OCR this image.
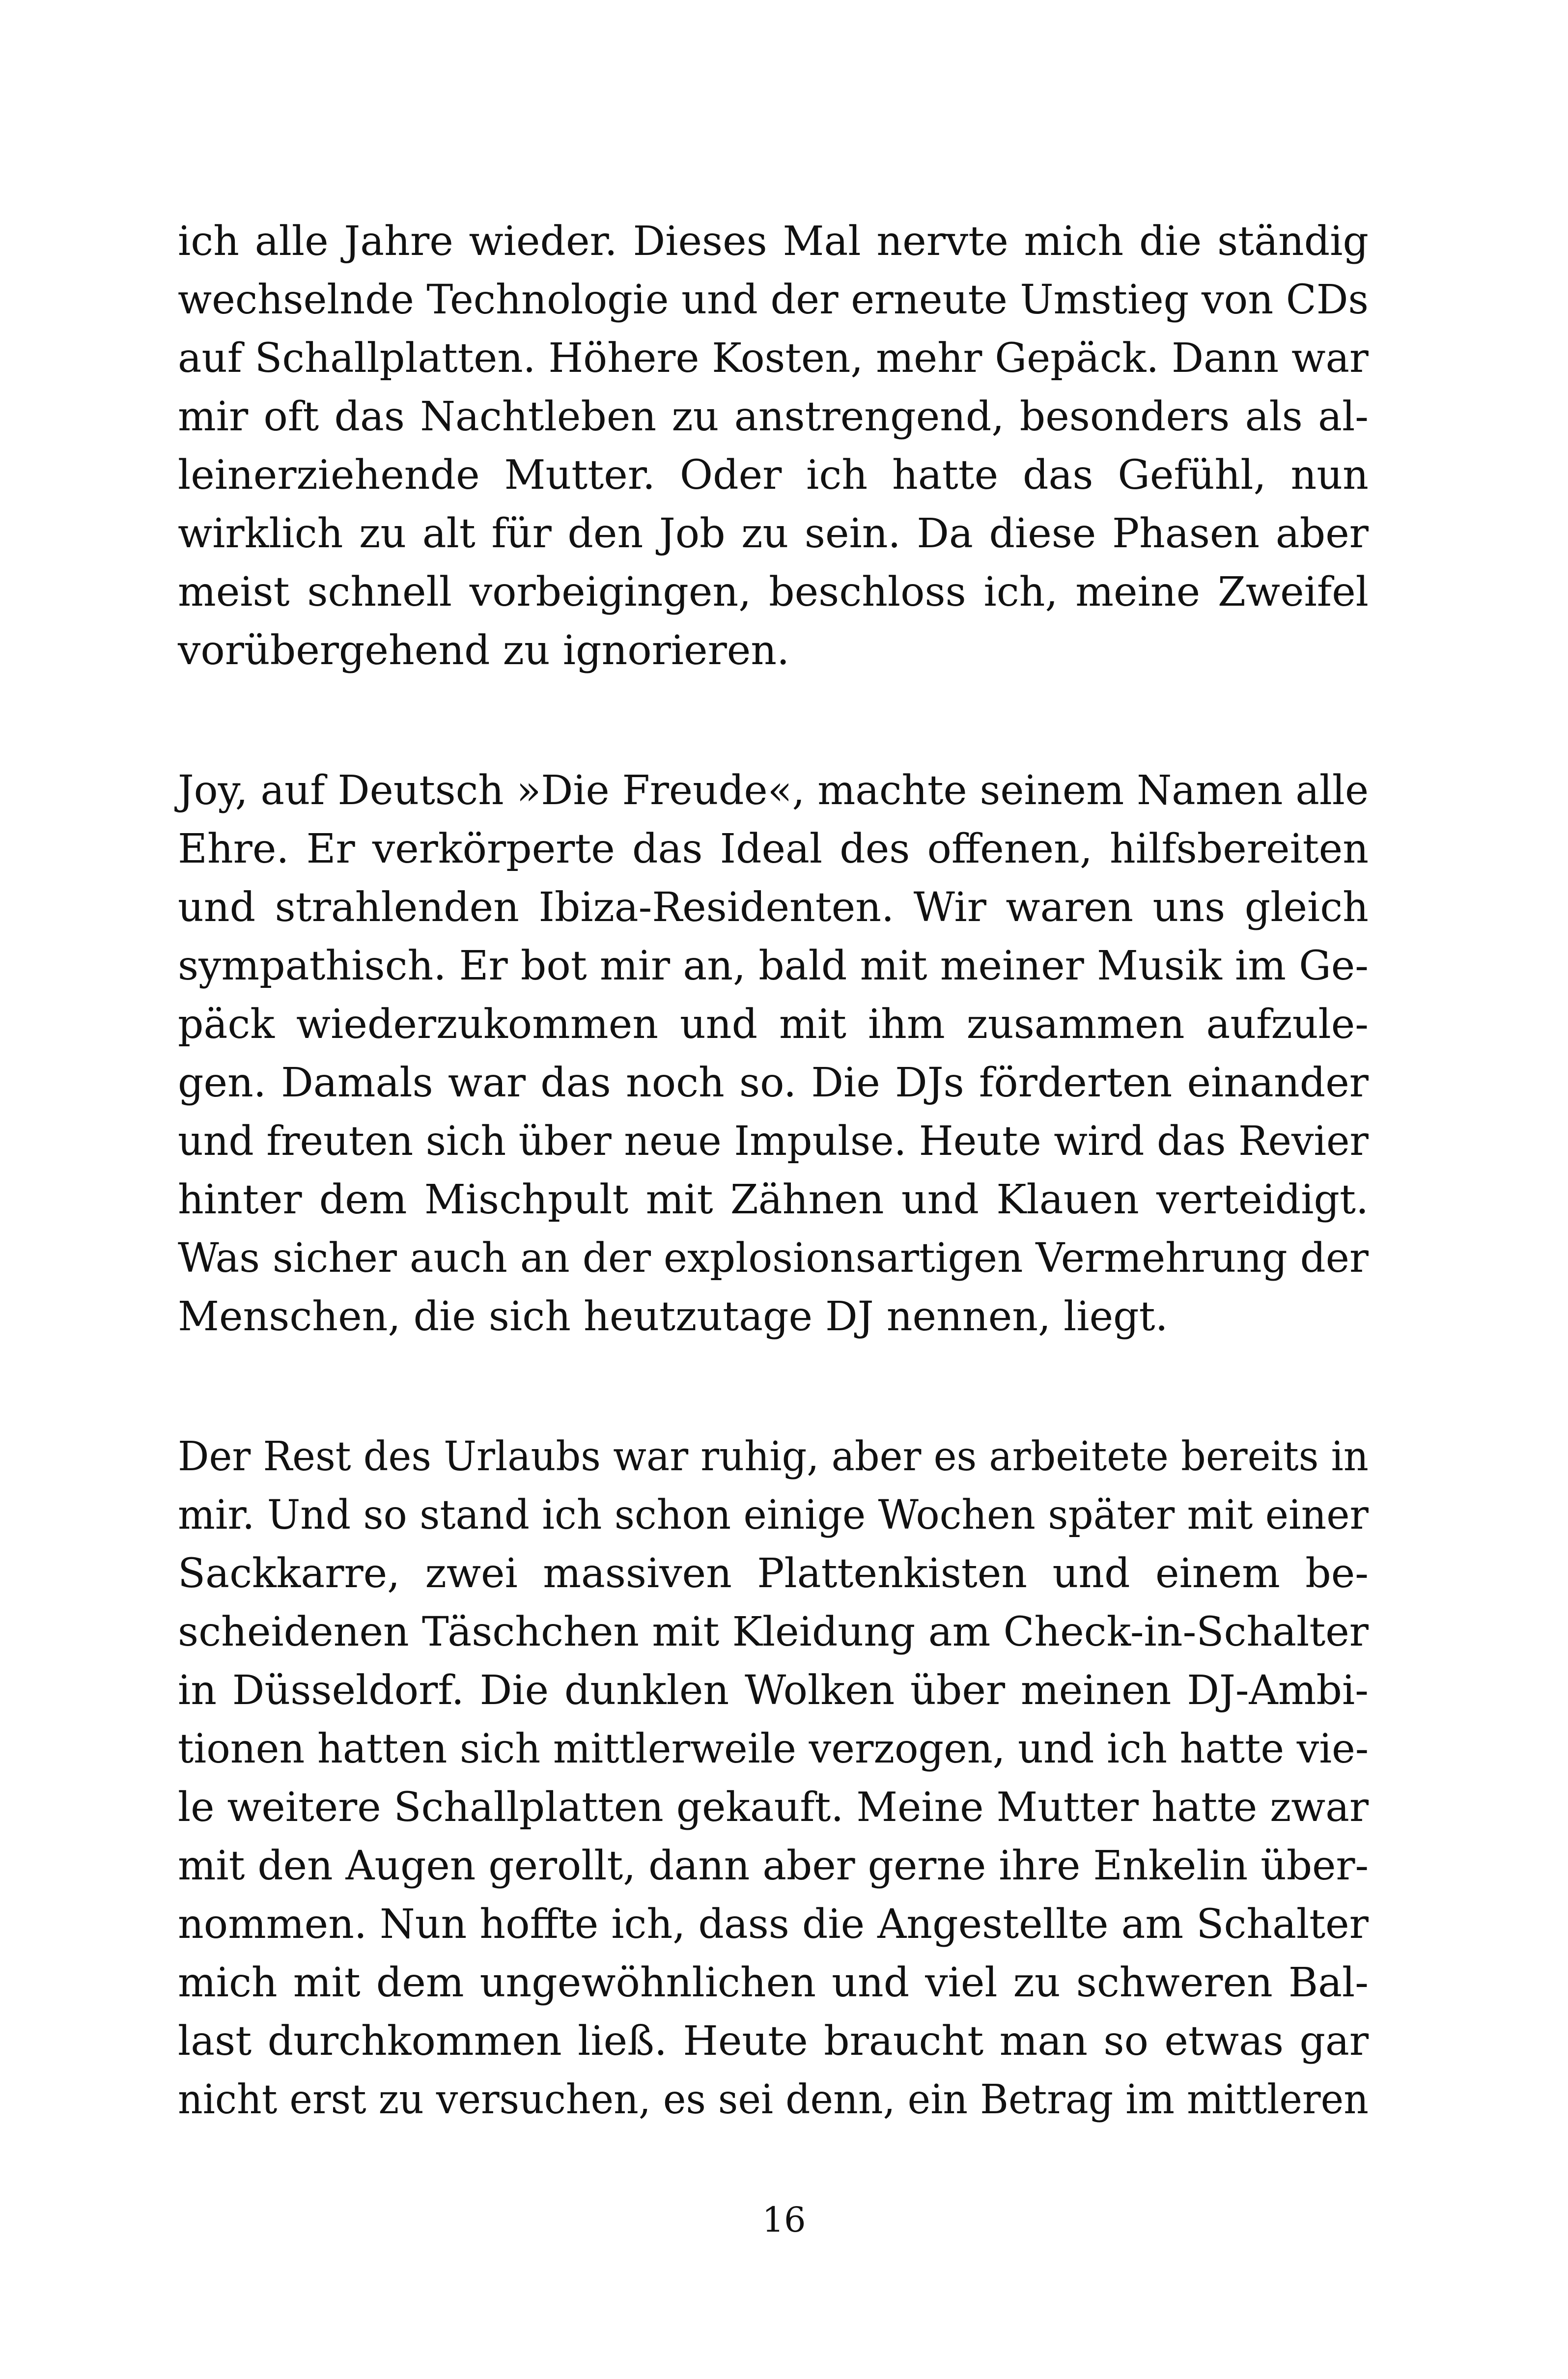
ich alle Jahre wieder. Dieses Mal nervte mich die ständig
wechselnde Technologie und der erneute Umstieg von CDs
auf Schallplatten. Höhere Kosten, mehr Gepäck. Dann war
mir oft das Nachtleben zu anstrengend, besonders als al-
leinerziehende Mutter. Oder ich hatte das Gefühl, nun
wirklich zu alt für den Job zu sein. Da diese Phasen aber
meist schnell vorbeigingen, beschloss ich, meine Zweifel
vorübergehend zu ignorieren.
Joy, auf Deutsch »Die Freude«, machte seinem Namen alle
Ehre. Er verkörperte das Ideal des offenen, hilfsbereiten
und strahlenden Ibiza-Residenten. Wir waren uns gleich
sympathisch. Er bot mir an, bald mit meiner Musik im Ge-
päck wiederzukommen und mit ihm zusammen aufzule-
gen. Damals war das noch so. Die DJs förderten einander
und freuten sich über neue Impulse. Heute wird das Revier
hinter dem Mischpult mit Zähnen und Klauen verteidigt.
Was sicher auch an der explosionsartigen Vermehrung der
Menschen, die sich heutzutage DJ nennen, liegt.
Der Rest des Urlaubs war ruhig, aber es arbeitete bereits in
mir. Und so stand ich schon einige Wochen später mit einer
Sackkarre, zwei massiven Plattenkisten und einem be-
scheidenen Täschchen mit Kleidung am Check-in-Schalter
in Düsseldorf. Die dunklen Wolken über meinen DJ-Ambi-
tionen hatten sich mittlerweile verzogen, und ich hatte vie-
le weitere Schallplatten gekauft. Meine Mutter hatte zwar
mit den Augen gerollt, dann aber gerne ihre Enkelin über-
nommen. Nun hoffte ich, dass die Angestellte am Schalter
mich mit dem ungewöhnlichen und viel zu schweren Bal-
last durchkommen ließ. Heute braucht man so etwas gar
nicht erst zu versuchen, es sei denn, ein Betrag im mittleren
16
